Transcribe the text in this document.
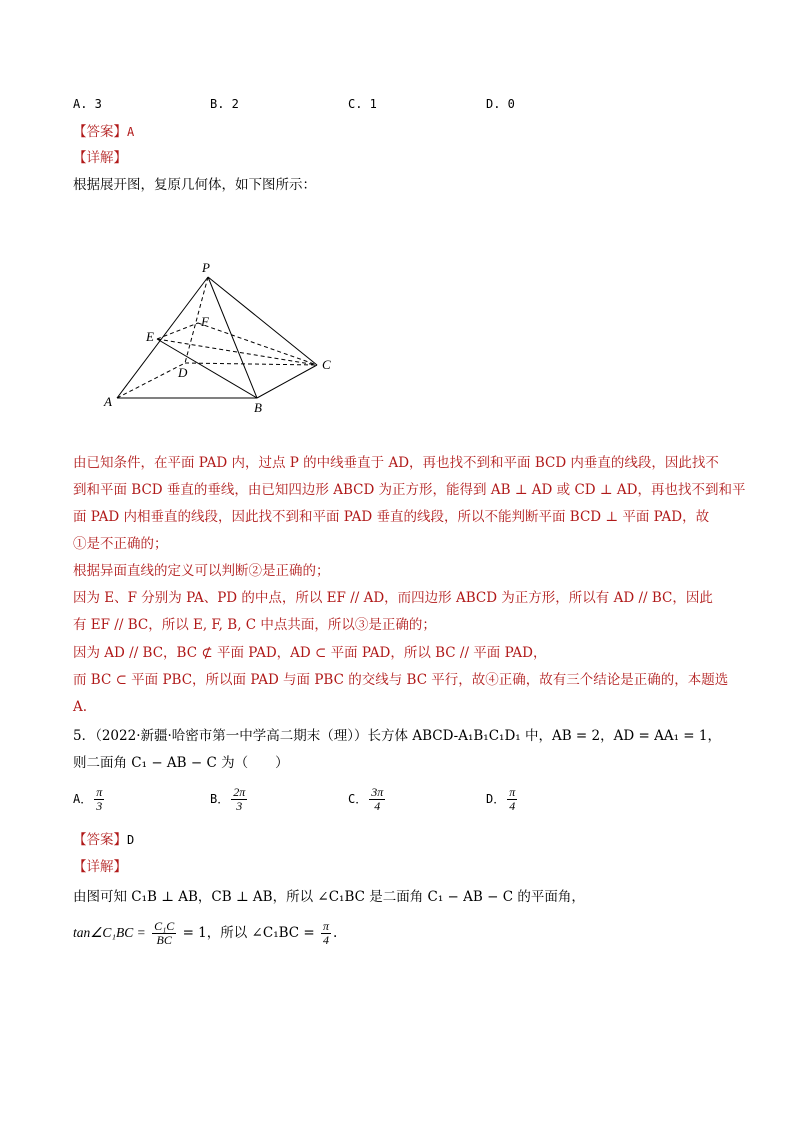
A. 3	B. 2	C. 1	D. 0
【答案】A
【详解】
根据展开图，复原几何体，如下图所示：
P
F
E
D
C
A	B
由已知条件，在平面 PAD 内，过点 P 的中线垂直于 AD，再也找不到和平面 BCD 内垂直的线段，因此找不
到和平面 BCD 垂直的垂线，由已知四边形 ABCD 为正方形，能得到 AB ⊥ AD 或 CD ⊥ AD，再也找不到和平
面 PAD 内相垂直的线段，因此找不到和平面 PAD 垂直的线段，所以不能判断平面 BCD ⊥ 平面 PAD，故
①是不正确的；
根据异面直线的定义可以判断②是正确的；
因为 E、F 分别为 PA、PD 的中点，所以 EF // AD，而四边形 ABCD 为正方形，所以有 AD // BC，因此
有 EF // BC，所以 E, F, B, C 中点共面，所以③是正确的；
因为 AD // BC，BC ⊄ 平面 PAD，AD ⊂ 平面 PAD，所以 BC // 平面 PAD，
而 BC ⊂ 平面 PBC，所以面 PAD 与面 PBC 的交线与 BC 平行，故④正确，故有三个结论是正确的，本题选
A.
5．（2022·新疆·哈密市第一中学高二期末（理））长方体 ABCD-A₁B₁C₁D₁ 中，AB = 2，AD = AA₁ = 1，
则二面角 C₁ − AB − C 为（　　）
A． $\frac{\pi}{3}$	B． $\frac{2\pi}{3}$	C． $\frac{3\pi}{4}$	D． $\frac{\pi}{4}$
【答案】D
【详解】
由图可知 C₁B ⊥ AB，CB ⊥ AB，所以 ∠C₁BC 是二面角 C₁ − AB − C 的平面角，
tan∠C₁BC = $\frac{\text{C₁C}}{BC} = 1$，所以 ∠C₁BC = $\frac{\pi}{4}$ .
